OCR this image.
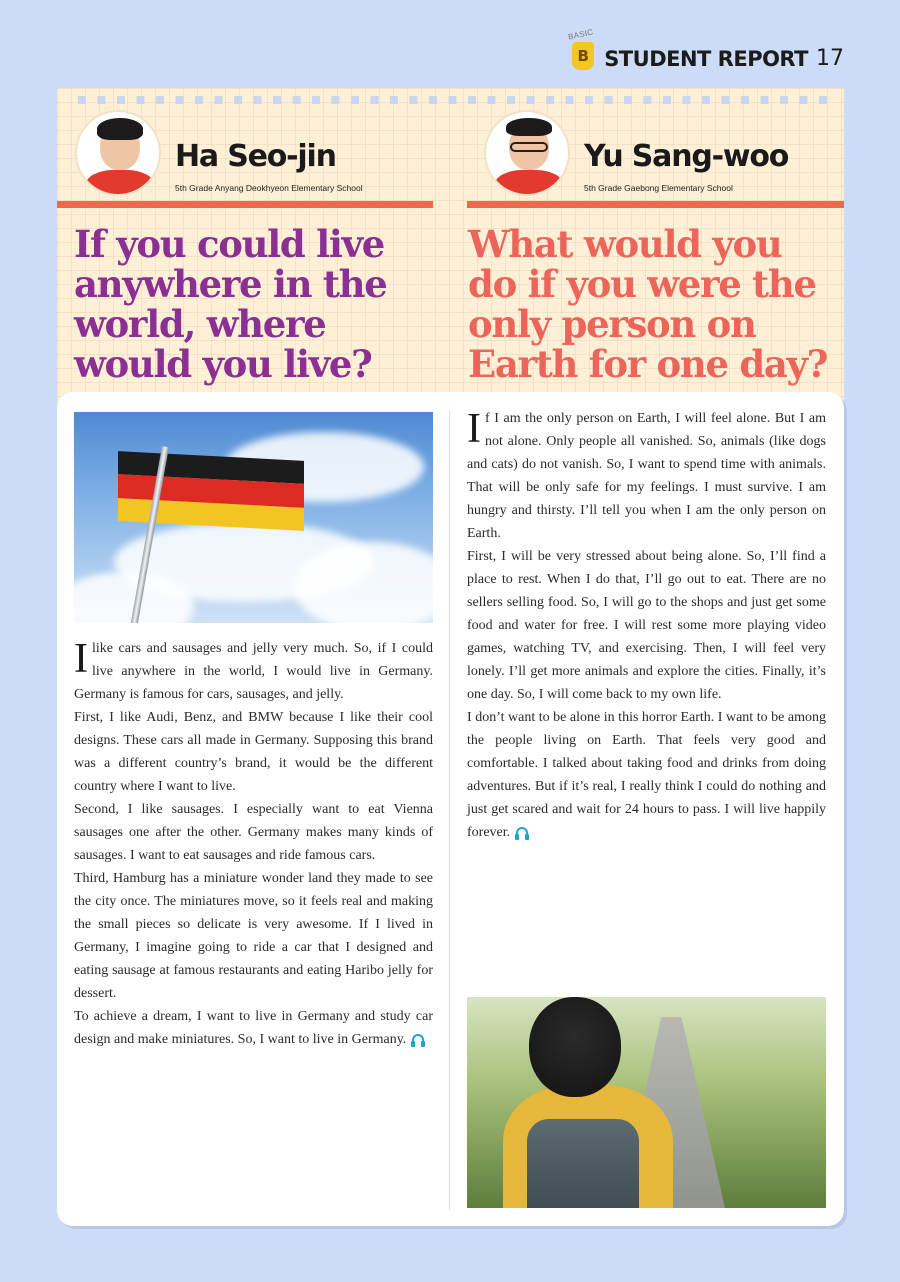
BASIC
B STUDENT REPORT 17
Ha Seo-jin
5th Grade Anyang Deokhyeon Elementary School
Yu Sang-woo
5th Grade Gaebong Elementary School
If you could live anywhere in the world, where would you live?
What would you do if you were the only person on Earth for one day?

I like cars and sausages and jelly very much. So, if I could live anywhere in the world, I would live in Germany. Germany is famous for cars, sausages, and jelly.

First, I like Audi, Benz, and BMW because I like their cool designs. These cars all made in Germany. Supposing this brand was a different country’s brand, it would be the different country where I want to live.

Second, I like sausages. I especially want to eat Vienna sausages one after the other. Germany makes many kinds of sausages. I want to eat sausages and ride famous cars.

Third, Hamburg has a miniature wonder land they made to see the city once. The miniatures move, so it feels real and making the small pieces so delicate is very awesome. If I lived in Germany, I imagine going to ride a car that I designed and eating sausage at famous restaurants and eating Haribo jelly for dessert.

To achieve a dream, I want to live in Germany and study car design and make miniatures. So, I want to live in Germany.

If I am the only person on Earth, I will feel alone. But I am not alone. Only people all vanished. So, animals (like dogs and cats) do not vanish. So, I want to spend time with animals. That will be only safe for my feelings. I must survive. I am hungry and thirsty. I’ll tell you when I am the only person on Earth.

First, I will be very stressed about being alone. So, I’ll find a place to rest. When I do that, I’ll go out to eat. There are no sellers selling food. So, I will go to the shops and just get some food and water for free. I will rest some more playing video games, watching TV, and exercising. Then, I will feel very lonely. I’ll get more animals and explore the cities. Finally, it’s one day. So, I will come back to my own life.

I don’t want to be alone in this horror Earth. I want to be among the people living on Earth. That feels very good and comfortable. I talked about taking food and drinks from doing adventures. But if it’s real, I really think I could do nothing and just get scared and wait for 24 hours to pass. I will live happily forever.
